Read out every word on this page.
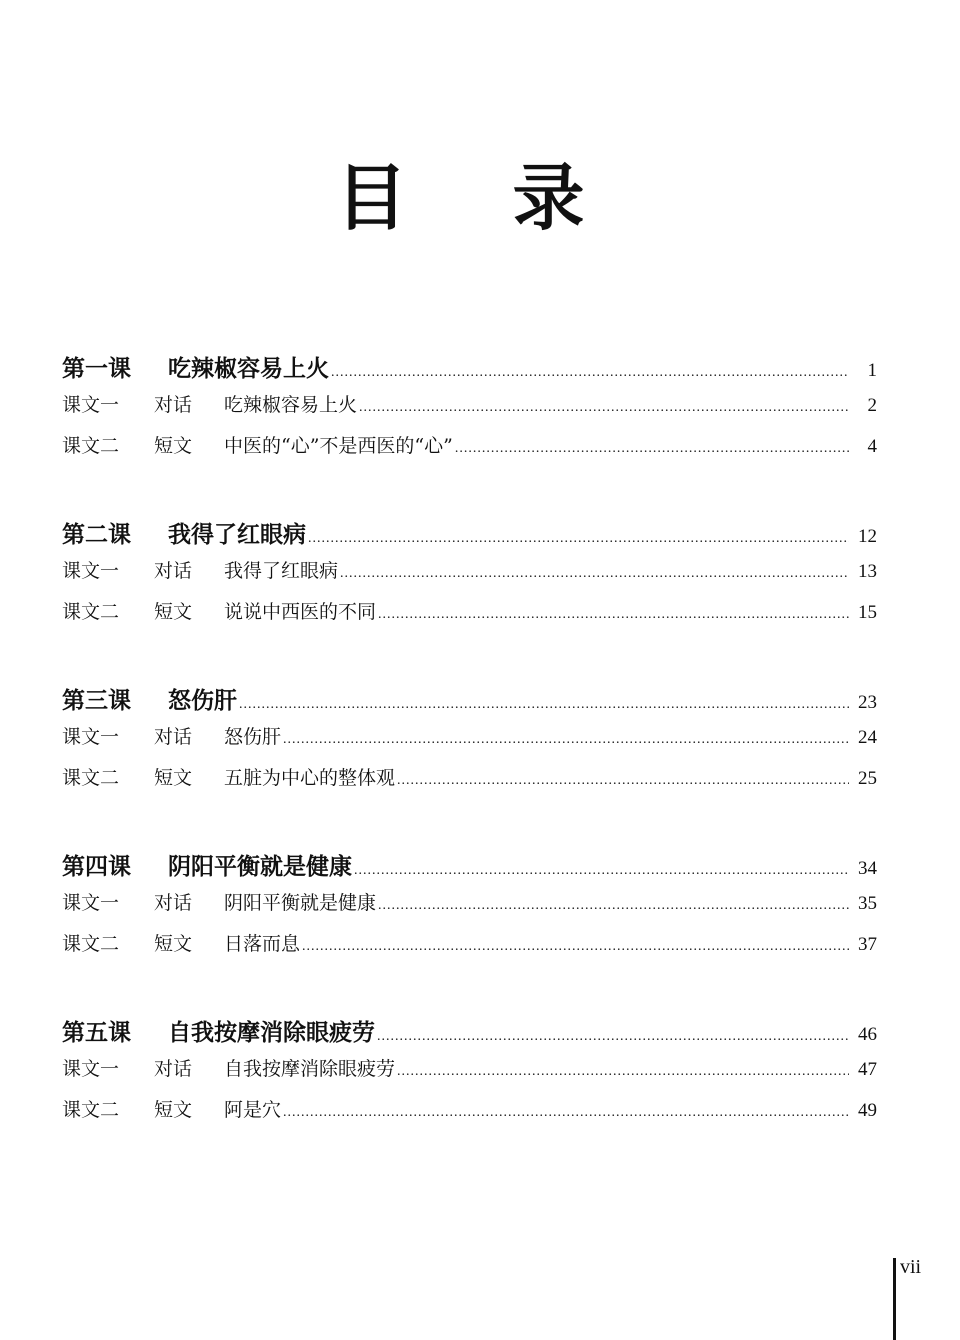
目 录
第一课	吃辣椒容易上火 .....	1
课文一	对话	吃辣椒容易上火 .....	2
课文二	短文	中医的“心”不是西医的“心” .....	4
第二课	我得了红眼病 .....	12
课文一	对话	我得了红眼病 .....	13
课文二	短文	说说中西医的不同 .....	15
第三课	怒伤肝 .....	23
课文一	对话	怒伤肝 .....	24
课文二	短文	五脏为中心的整体观 .....	25
第四课	阴阳平衡就是健康 .....	34
课文一	对话	阴阳平衡就是健康 .....	35
课文二	短文	日落而息 .....	37
第五课	自我按摩消除眼疲劳 .....	46
课文一	对话	自我按摩消除眼疲劳 .....	47
课文二	短文	阿是穴 .....	49
vii
